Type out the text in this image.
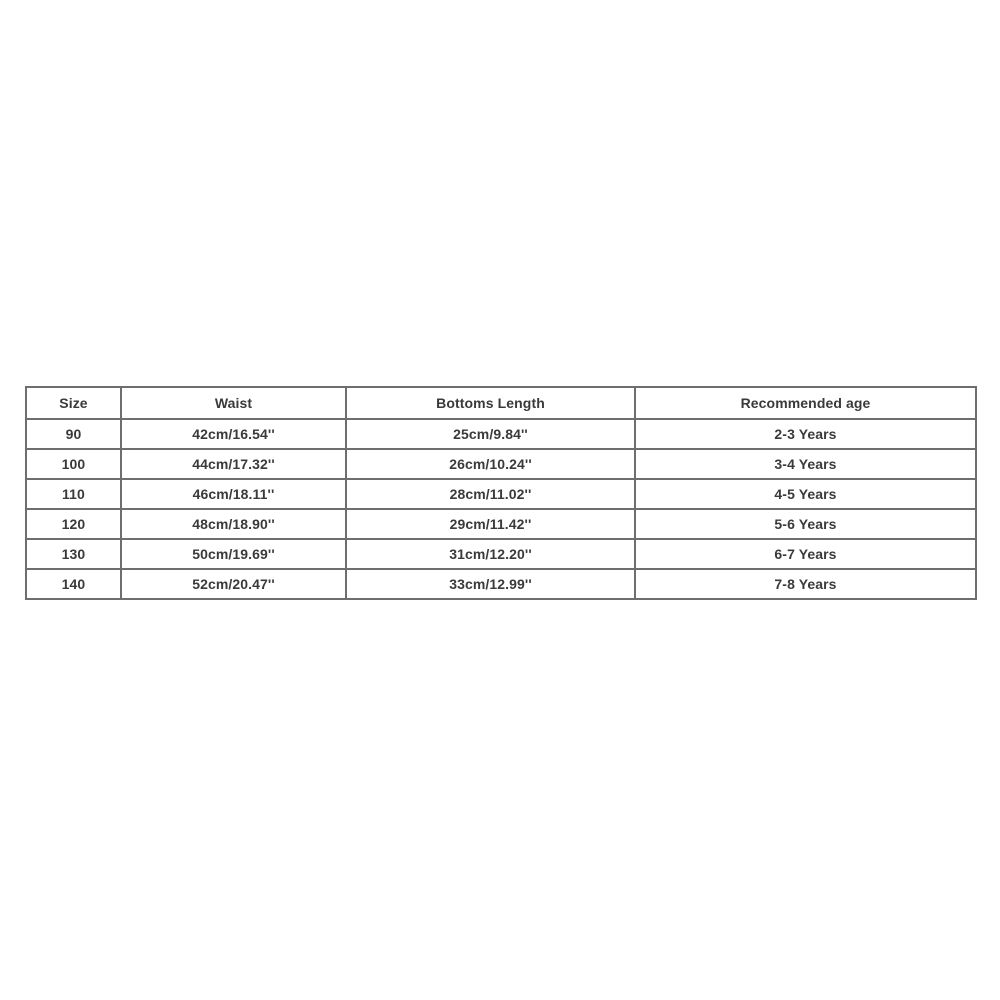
Size	Waist	Bottoms Length	Recommended age
90	42cm/16.54''	25cm/9.84''	2-3 Years
100	44cm/17.32''	26cm/10.24''	3-4 Years
110	46cm/18.11''	28cm/11.02''	4-5 Years
120	48cm/18.90''	29cm/11.42''	5-6 Years
130	50cm/19.69''	31cm/12.20''	6-7 Years
140	52cm/20.47''	33cm/12.99''	7-8 Years
